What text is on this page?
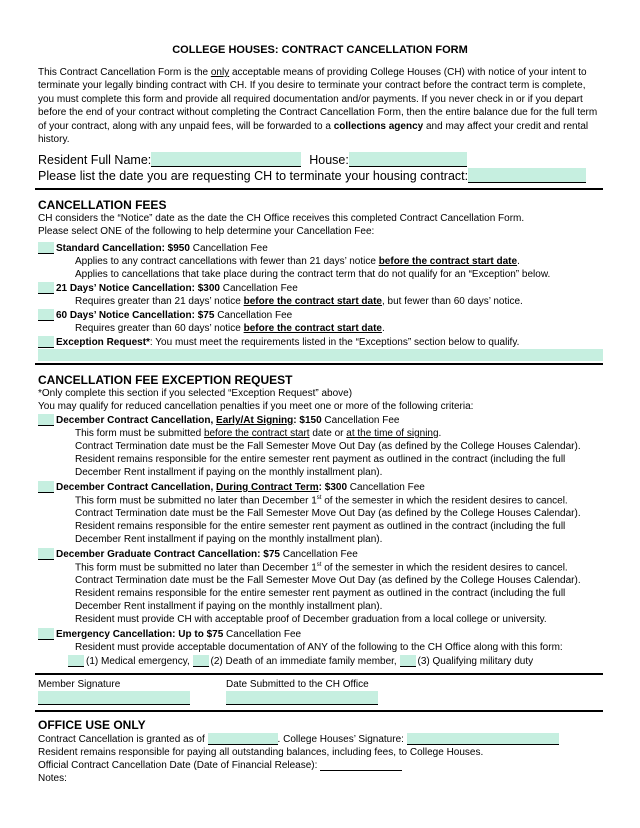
COLLEGE HOUSES: CONTRACT CANCELLATION FORM
This Contract Cancellation Form is the only acceptable means of providing College Houses (CH) with notice of your intent to terminate your legally binding contract with CH. If you desire to terminate your contract before the contract term is complete, you must complete this form and provide all required documentation and/or payments. If you never check in or if you depart before the end of your contract without completing the Contract Cancellation Form, then the entire balance due for the full term of your contract, along with any unpaid fees, will be forwarded to a collections agency and may affect your credit and rental history.
Resident Full Name:	House:
Please list the date you are requesting CH to terminate your housing contract:
CANCELLATION FEES
CH considers the “Notice” date as the date the CH Office receives this completed Contract Cancellation Form.
Please select ONE of the following to help determine your Cancellation Fee:
Standard Cancellation: $950 Cancellation Fee
Applies to any contract cancellations with fewer than 21 days’ notice before the contract start date.
Applies to cancellations that take place during the contract term that do not qualify for an “Exception” below.
21 Days’ Notice Cancellation: $300 Cancellation Fee
Requires greater than 21 days’ notice before the contract start date, but fewer than 60 days’ notice.
60 Days’ Notice Cancellation: $75 Cancellation Fee
Requires greater than 60 days’ notice before the contract start date.
Exception Request*: You must meet the requirements listed in the “Exceptions” section below to qualify.
CANCELLATION FEE EXCEPTION REQUEST
*Only complete this section if you selected “Exception Request” above)
You may qualify for reduced cancellation penalties if you meet one or more of the following criteria:
December Contract Cancellation, Early/At Signing: $150 Cancellation Fee
This form must be submitted before the contract start date or at the time of signing.
Contract Termination date must be the Fall Semester Move Out Day (as defined by the College Houses Calendar).
Resident remains responsible for the entire semester rent payment as outlined in the contract (including the full
December Rent installment if paying on the monthly installment plan).
December Contract Cancellation, During Contract Term: $300 Cancellation Fee
This form must be submitted no later than December 1st of the semester in which the resident desires to cancel.
Contract Termination date must be the Fall Semester Move Out Day (as defined by the College Houses Calendar).
Resident remains responsible for the entire semester rent payment as outlined in the contract (including the full
December Rent installment if paying on the monthly installment plan).
December Graduate Contract Cancellation: $75 Cancellation Fee
This form must be submitted no later than December 1st of the semester in which the resident desires to cancel.
Contract Termination date must be the Fall Semester Move Out Day (as defined by the College Houses Calendar).
Resident remains responsible for the entire semester rent payment as outlined in the contract (including the full
December Rent installment if paying on the monthly installment plan).
Resident must provide CH with acceptable proof of December graduation from a local college or university.
Emergency Cancellation: Up to $75 Cancellation Fee
Resident must provide acceptable documentation of ANY of the following to the CH Office along with this form:
(1) Medical emergency, (2) Death of an immediate family member, (3) Qualifying military duty
Member Signature	Date Submitted to the CH Office
OFFICE USE ONLY
Contract Cancellation is granted as of	. College Houses’ Signature:
Resident remains responsible for paying all outstanding balances, including fees, to College Houses.
Official Contract Cancellation Date (Date of Financial Release):
Notes:
